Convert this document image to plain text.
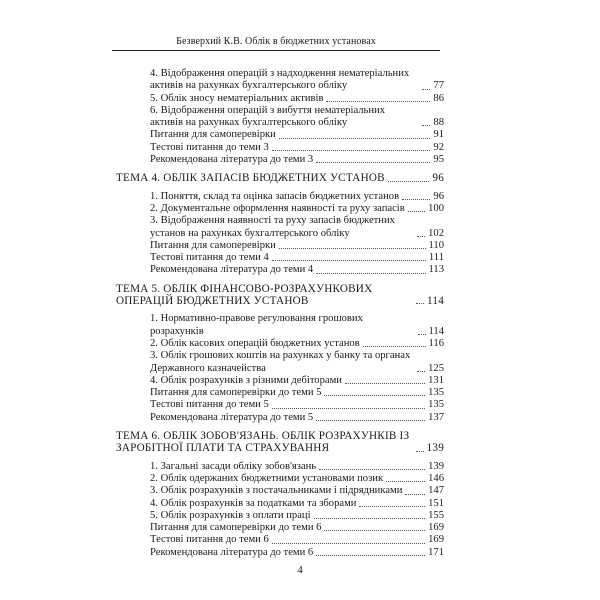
Безверхий К.В. Облік в бюджетних установах
4. Відображення операцій з надходження нематеріальних активів на рахунках бухгалтерського обліку	77
5. Облік зносу нематеріальних активів	86
6. Відображення операцій з вибуття нематеріальних активів на рахунках бухгалтерського обліку	88
Питання для самоперевірки	91
Тестові питання до теми 3	92
Рекомендована література до теми 3	95
ТЕМА 4. ОБЛІК ЗАПАСІВ БЮДЖЕТНИХ УСТАНОВ	96
1. Поняття, склад та оцінка запасів бюджетних установ	96
2. Документальне оформлення наявності та руху запасів 100
3. Відображення наявності та руху запасів бюджетних установ на рахунках бухгалтерського обліку	102
Питання для самоперевірки	110
Тестові питання до теми 4	111
Рекомендована література до теми 4	113
ТЕМА 5. ОБЛІК ФІНАНСОВО-РОЗРАХУНКОВИХ ОПЕРАЦІЙ БЮДЖЕТНИХ УСТАНОВ	114
1. Нормативно-правове регулювання грошових розрахунків	114
2. Облік касових операцій бюджетних установ	116
3. Облік грошових коштів на рахунках у банку та органах Державного казначейства	125
4. Облік розрахунків з різними дебіторами	131
Питання для самоперевірки до теми 5	135
Тестові питання до теми 5	135
Рекомендована література до теми 5	137
ТЕМА 6. ОБЛІК ЗОБОВ'ЯЗАНЬ. ОБЛІК РОЗРАХУНКІВ ІЗ ЗАРОБІТНОЇ ПЛАТИ ТА СТРАХУВАННЯ	139
1. Загальні засади обліку зобов'язань	139
2. Облік одержаних бюджетними установами позик	146
3. Облік розрахунків з постачальниками і підрядниками 147
4. Облік розрахунків за податками та зборами	151
5. Облік розрахунків з оплати праці	155
Питання для самоперевірки до теми 6	169
Тестові питання до теми 6	169
Рекомендована література до теми 6	171
4
